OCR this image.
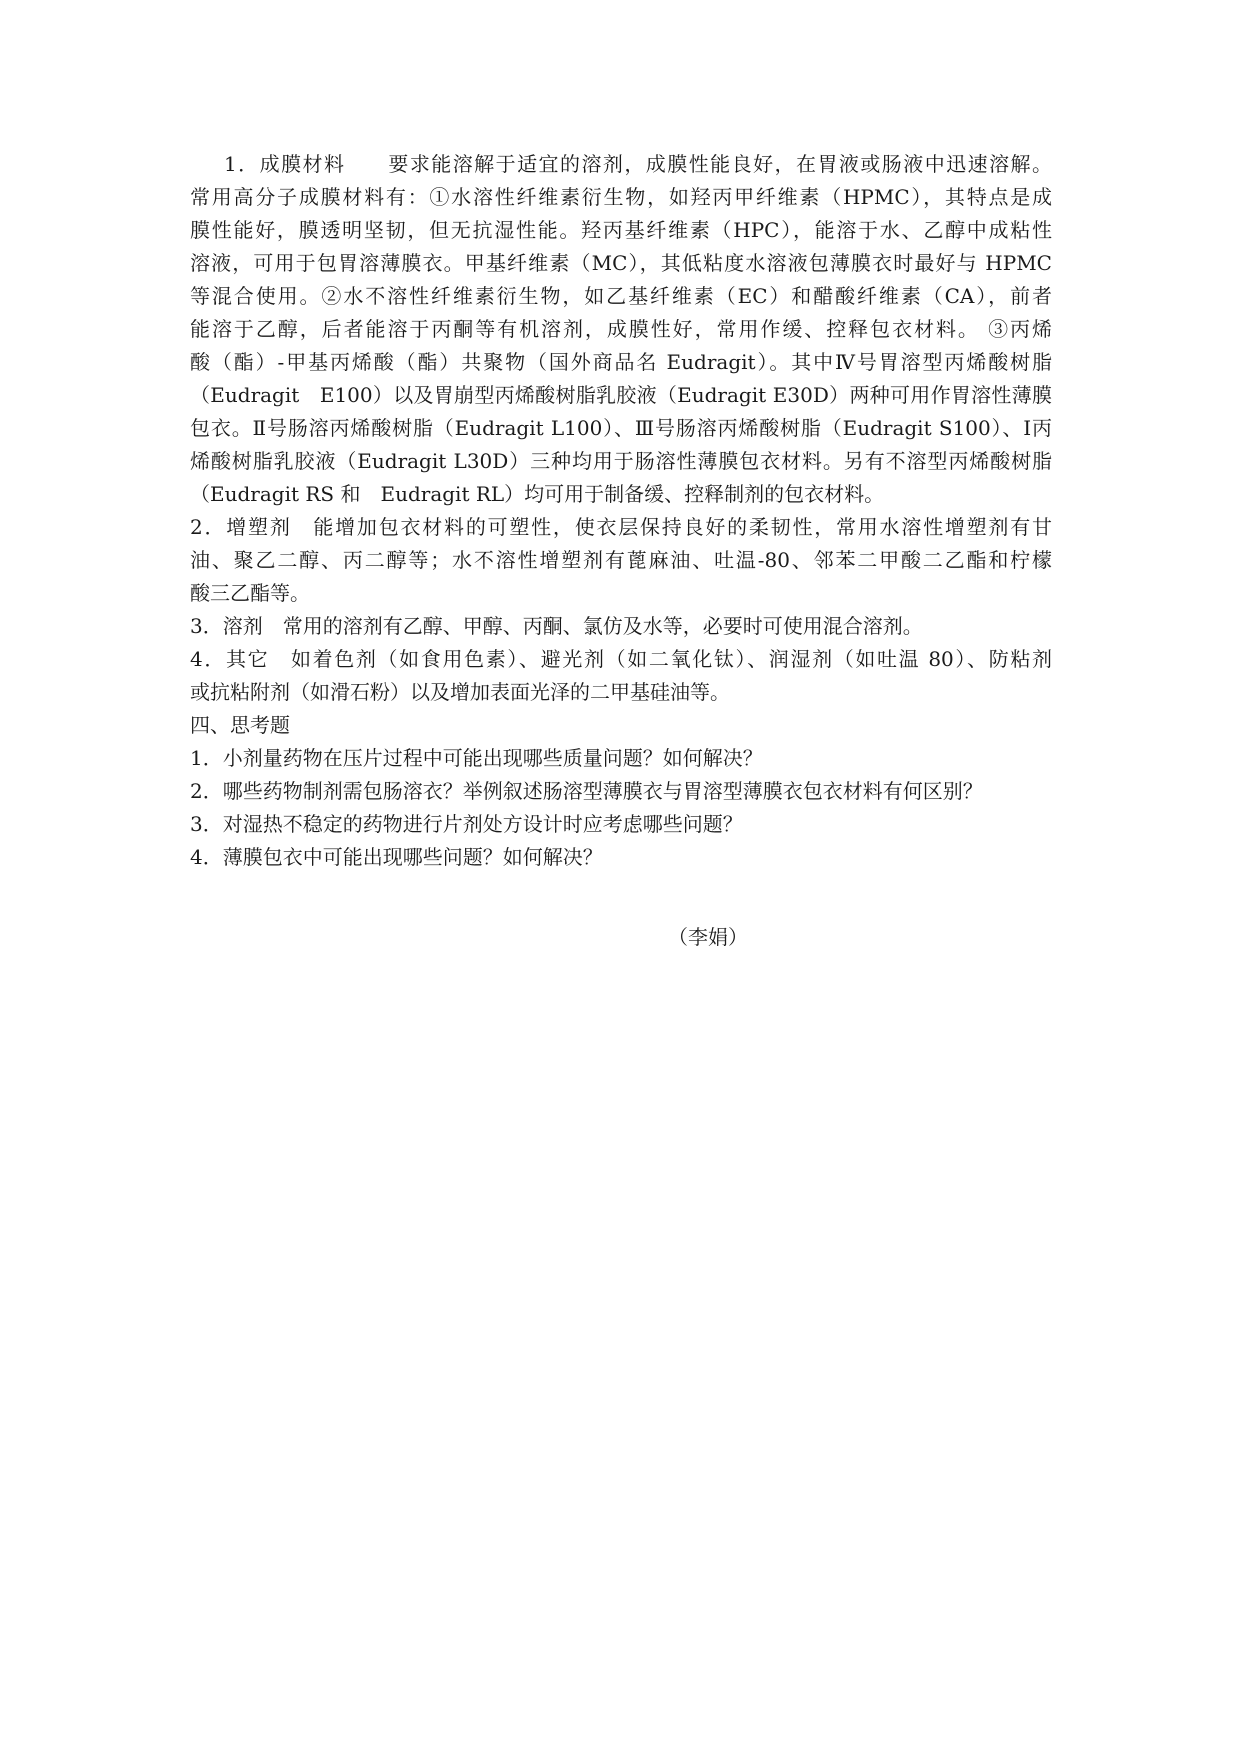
1．成膜材料　　要求能溶解于适宜的溶剂，成膜性能良好，在胃液或肠液中迅速溶解。
常用高分子成膜材料有：①水溶性纤维素衍生物，如羟丙甲纤维素（HPMC），其特点是成
膜性能好，膜透明坚韧，但无抗湿性能。羟丙基纤维素（HPC），能溶于水、乙醇中成粘性
溶液，可用于包胃溶薄膜衣。甲基纤维素（MC），其低粘度水溶液包薄膜衣时最好与 HPMC
等混合使用。②水不溶性纤维素衍生物，如乙基纤维素（EC）和醋酸纤维素（CA），前者
能溶于乙醇，后者能溶于丙酮等有机溶剂，成膜性好，常用作缓、控释包衣材料。 ③丙烯
酸（酯）-甲基丙烯酸（酯）共聚物（国外商品名 Eudragit）。其中Ⅳ号胃溶型丙烯酸树脂
（Eudragit　E100）以及胃崩型丙烯酸树脂乳胶液（Eudragit E30D）两种可用作胃溶性薄膜
包衣。Ⅱ号肠溶丙烯酸树脂（Eudragit L100）、Ⅲ号肠溶丙烯酸树脂（Eudragit S100）、Ⅰ丙
烯酸树脂乳胶液（Eudragit L30D）三种均用于肠溶性薄膜包衣材料。另有不溶型丙烯酸树脂
（Eudragit RS 和　Eudragit RL）均可用于制备缓、控释制剂的包衣材料。
2．增塑剂　能增加包衣材料的可塑性，使衣层保持良好的柔韧性，常用水溶性增塑剂有甘
油、聚乙二醇、丙二醇等；水不溶性增塑剂有蓖麻油、吐温-80、邻苯二甲酸二乙酯和柠檬
酸三乙酯等。
3．溶剂　常用的溶剂有乙醇、甲醇、丙酮、氯仿及水等，必要时可使用混合溶剂。
4．其它　如着色剂（如食用色素）、避光剂（如二氧化钛）、润湿剂（如吐温 80）、防粘剂
或抗粘附剂（如滑石粉）以及增加表面光泽的二甲基硅油等。
四、思考题
1．小剂量药物在压片过程中可能出现哪些质量问题？如何解决？
2．哪些药物制剂需包肠溶衣？举例叙述肠溶型薄膜衣与胃溶型薄膜衣包衣材料有何区别？
3．对湿热不稳定的药物进行片剂处方设计时应考虑哪些问题？
4．薄膜包衣中可能出现哪些问题？如何解决？
（李娟）
